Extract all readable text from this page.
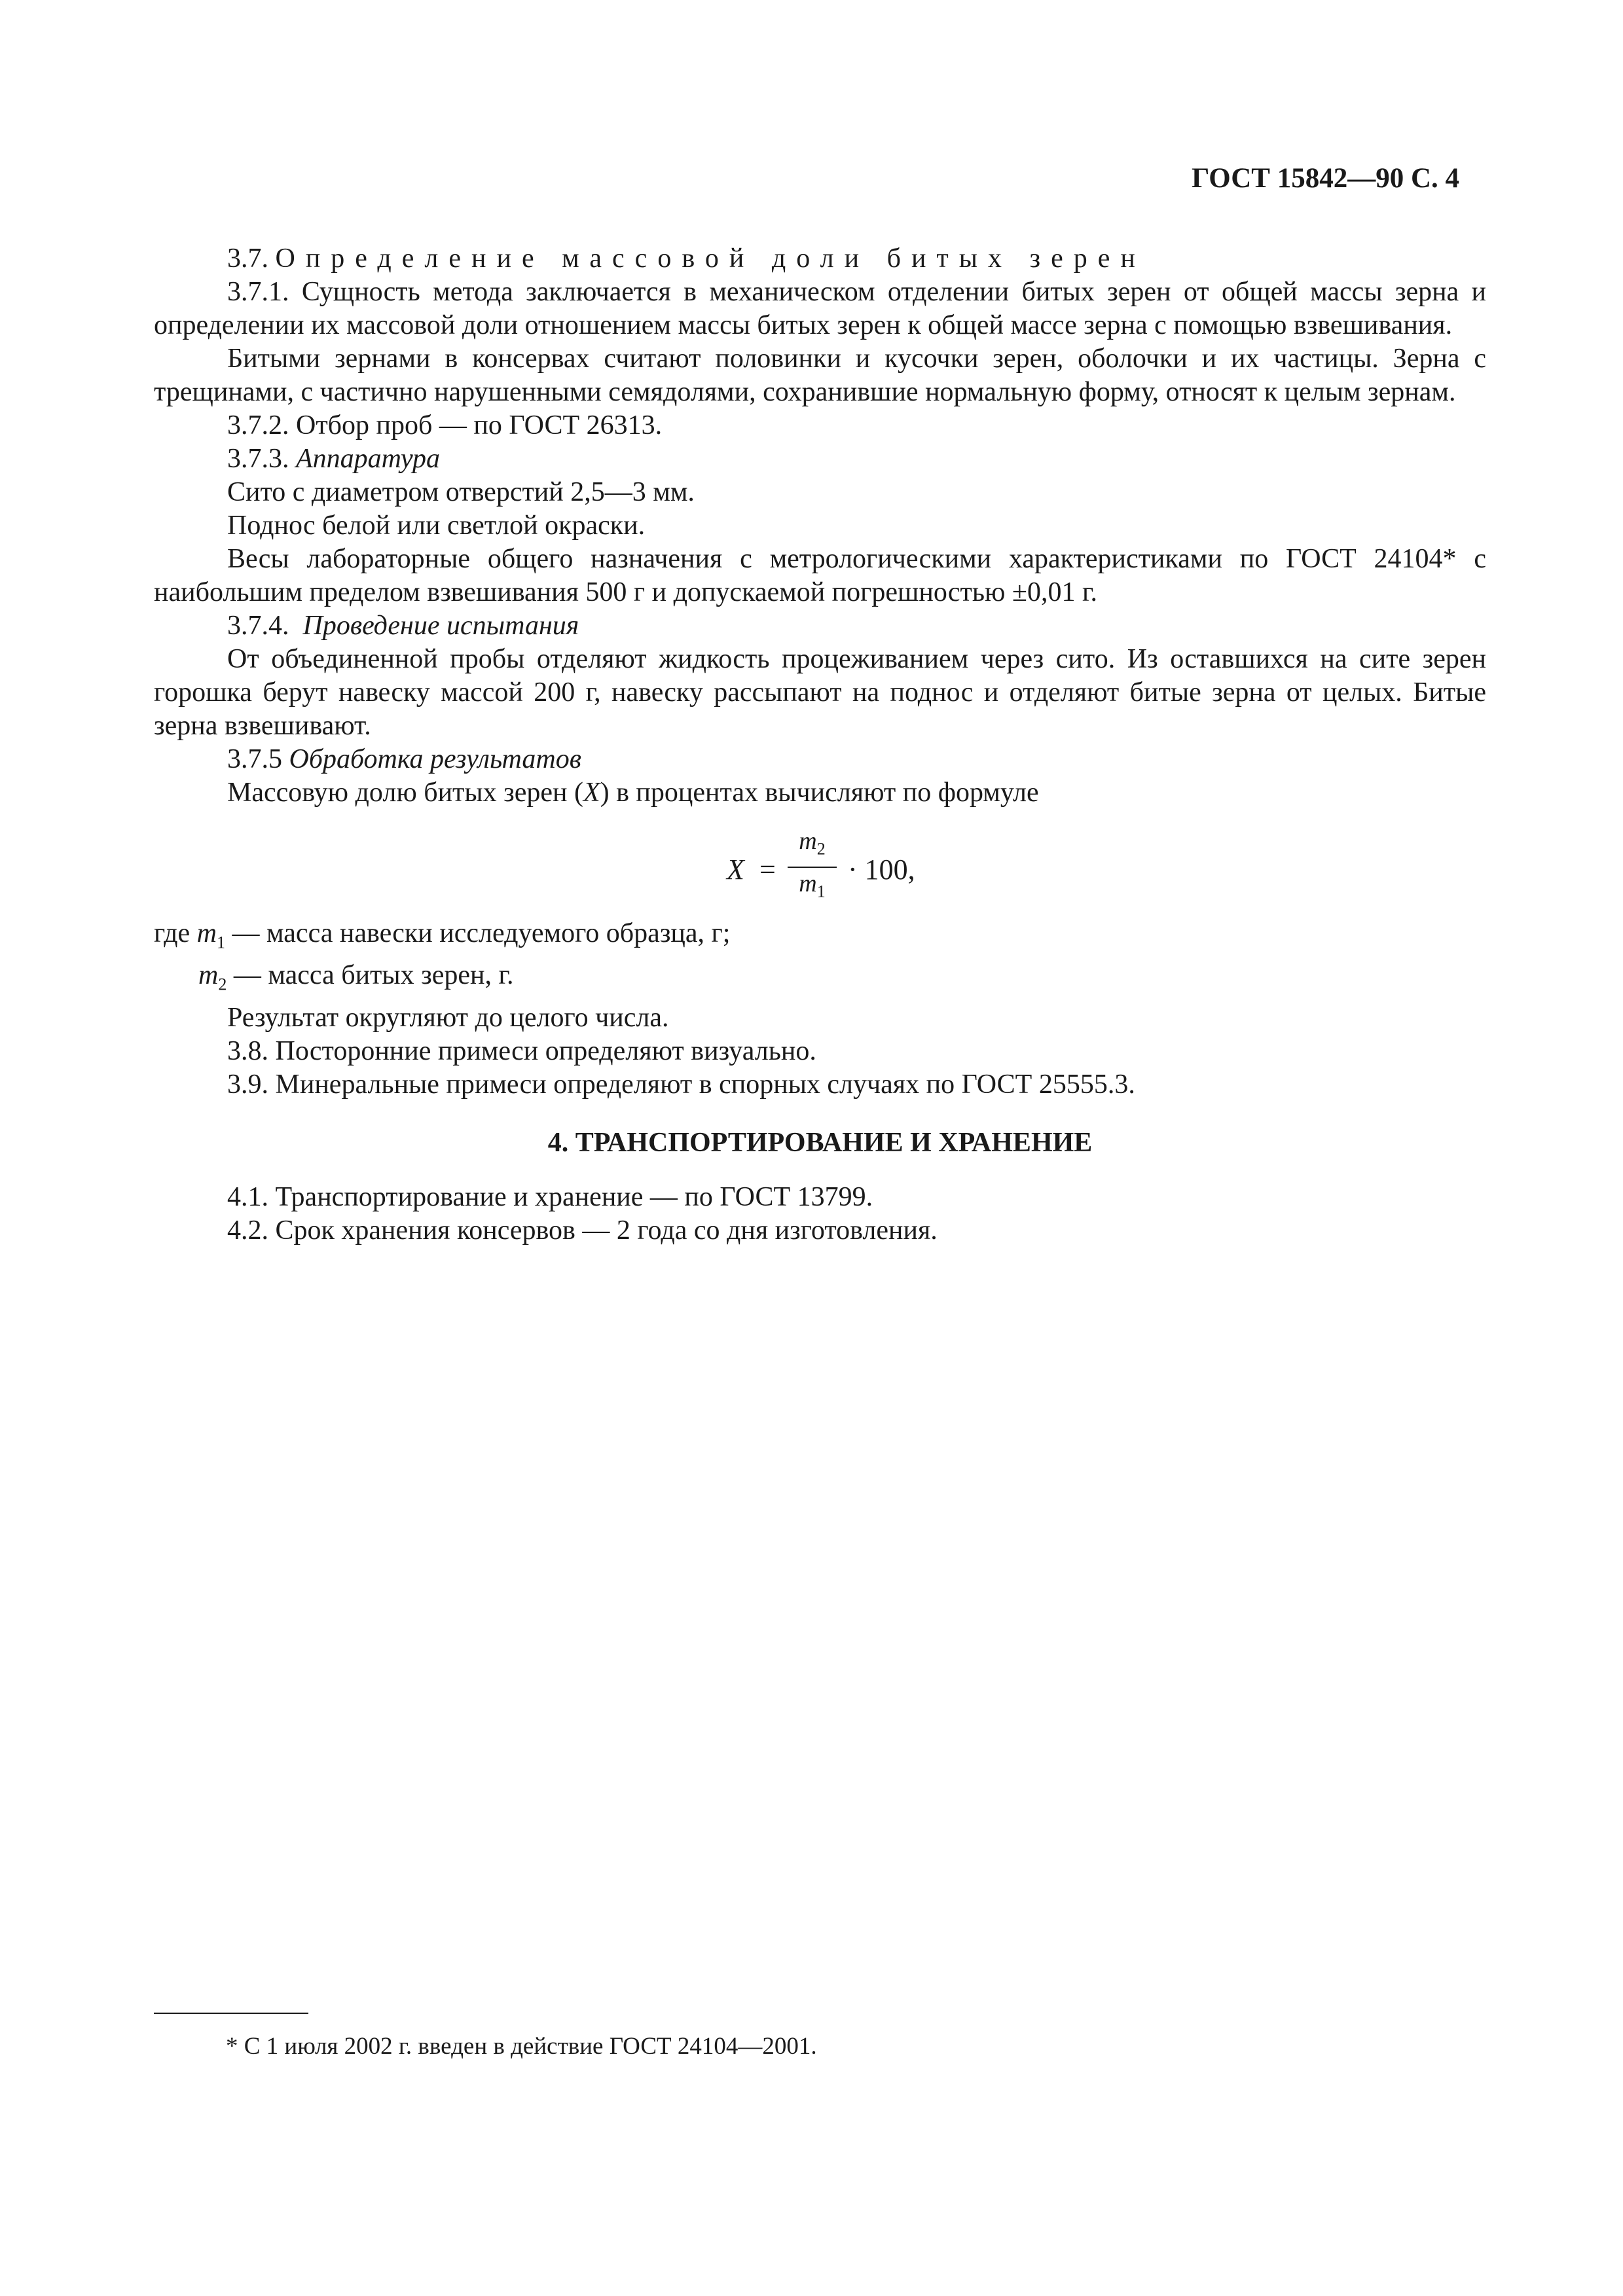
ГОСТ 15842—90 С. 4

3.7. Определение массовой доли битых зерен

3.7.1. Сущность метода заключается в механическом отделении битых зерен от общей массы зерна и определении их массовой доли отношением массы битых зерен к общей массе зерна с помощью взвешивания.

Битыми зернами в консервах считают половинки и кусочки зерен, оболочки и их частицы. Зерна с трещинами, с частично нарушенными семядолями, сохранившие нормальную форму, относят к целым зернам.

3.7.2. Отбор проб — по ГОСТ 26313.

3.7.3. Аппаратура

Сито с диаметром отверстий 2,5—3 мм.

Поднос белой или светлой окраски.

Весы лабораторные общего назначения с метрологическими характеристиками по ГОСТ 24104* с наибольшим пределом взвешивания 500 г и допускаемой погрешностью ±0,01 г.

3.7.4. Проведение испытания

От объединенной пробы отделяют жидкость процеживанием через сито. Из оставшихся на сите зерен горошка берут навеску массой 200 г, навеску рассыпают на поднос и отделяют битые зерна от целых. Битые зерна взвешивают.

3.7.5 Обработка результатов

Массовую долю битых зерен (X) в процентах вычисляют по формуле

$X = \frac{m_2}{m_1} \cdot 100$,

где $m_1$ — масса навески исследуемого образца, г;

$m_2$ — масса битых зерен, г.

Результат округляют до целого числа.

3.8. Посторонние примеси определяют визуально.

3.9. Минеральные примеси определяют в спорных случаях по ГОСТ 25555.3.

4. ТРАНСПОРТИРОВАНИЕ И ХРАНЕНИЕ

4.1. Транспортирование и хранение — по ГОСТ 13799.

4.2. Срок хранения консервов — 2 года со дня изготовления.

* С 1 июля 2002 г. введен в действие ГОСТ 24104—2001.
